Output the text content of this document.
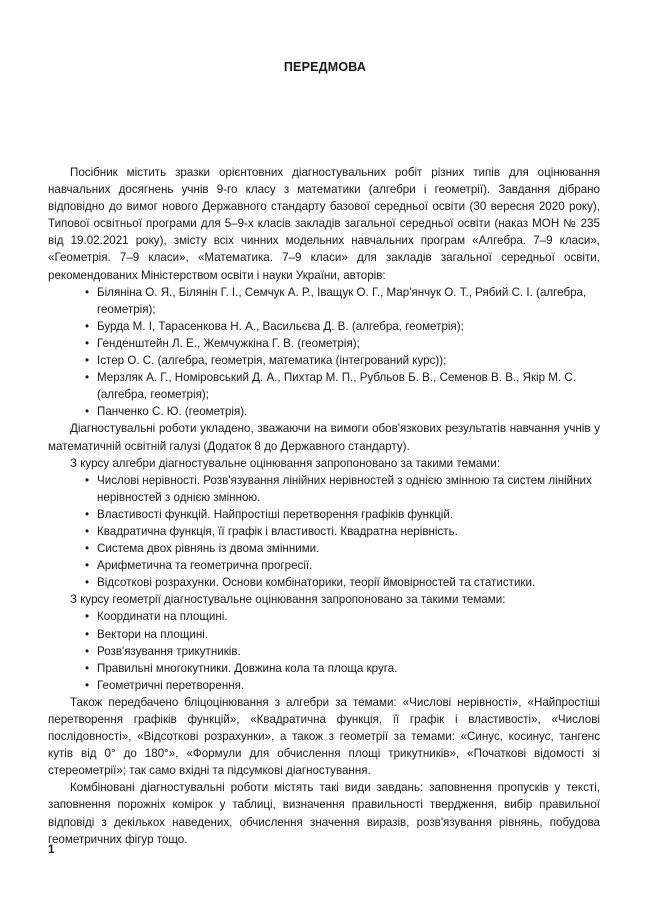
ПЕРЕДМОВА

Посібник містить зразки орієнтовних діагностувальних робіт різних типів для оцінювання навчальних досягнень учнів 9-го класу з математики (алгебри і геометрії). Завдання дібрано відповідно до вимог нового Державного стандарту базової середньої освіти (30 вересня 2020 року), Типової освітньої програми для 5–9-х класів закладів загальної середньої освіти (наказ МОН № 235 від 19.02.2021 року), змісту всіх чинних модельних навчальних програм «Алгебра. 7–9 класи», «Геометрія. 7–9 класи», «Математика. 7–9 класи» для закладів загальної середньої освіти, рекомендованих Міністерством освіти і науки України, авторів:

• Біляніна О. Я., Білянін Г. І., Семчук А. Р., Іващук О. Г., Мар'янчук О. Т., Рябий С. І. (алгебра, геометрія);
• Бурда М. І, Тарасенкова Н. А., Васильєва Д. В. (алгебра, геометрія);
• Генденштейн Л. Е., Жемчужкіна Г. В. (геометрія);
• Істер О. С. (алгебра, геометрія, математика (інтегрований курс));
• Мерзляк А. Г., Номіровський Д. А., Пихтар М. П., Рубльов Б. В., Семенов В. В., Якір М. С. (алгебра, геометрія);
• Панченко С. Ю. (геометрія).

Діагностувальні роботи укладено, зважаючи на вимоги обов'язкових результатів навчання учнів у математичній освітній галузі (Додаток 8 до Державного стандарту).

З курсу алгебри діагностувальне оцінювання запропоновано за такими темами:

• Числові нерівності. Розв'язування лінійних нерівностей з однією змінною та систем лінійних нерівностей з однією змінною.
• Властивості функцій. Найпростіші перетворення графіків функцій.
• Квадратична функція, її графік і властивості. Квадратна нерівність.
• Система двох рівнянь із двома змінними.
• Арифметична та геометрична прогресії.
• Відсоткові розрахунки. Основи комбінаторики, теорії ймовірностей та статистики.

З курсу геометрії діагностувальне оцінювання запропоновано за такими темами:

• Координати на площині.
• Вектори на площині.
• Розв'язування трикутників.
• Правильні многокутники. Довжина кола та площа круга.
• Геометричні перетворення.

Також передбачено бліцоцінювання з алгебри за темами: «Числові нерівності», «Найпростіші перетворення графіків функцій», «Квадратична функція, її графік і властивості», «Числові послідовності», «Відсоткові розрахунки», а також з геометрії за темами: «Синус, косинус, тангенс кутів від 0° до 180°», «Формули для обчислення площі трикутників», «Початкові відомості зі стереометрії»; так само вхідні та підсумкові діагностування.

Комбіновані діагностувальні роботи містять такі види завдань: заповнення пропусків у тексті, заповнення порожніх комірок у таблиці, визначення правильності твердження, вибір правильної відповіді з декількох наведених, обчислення значення виразів, розв'язування рівнянь, побудова геометричних фігур тощо.

1
